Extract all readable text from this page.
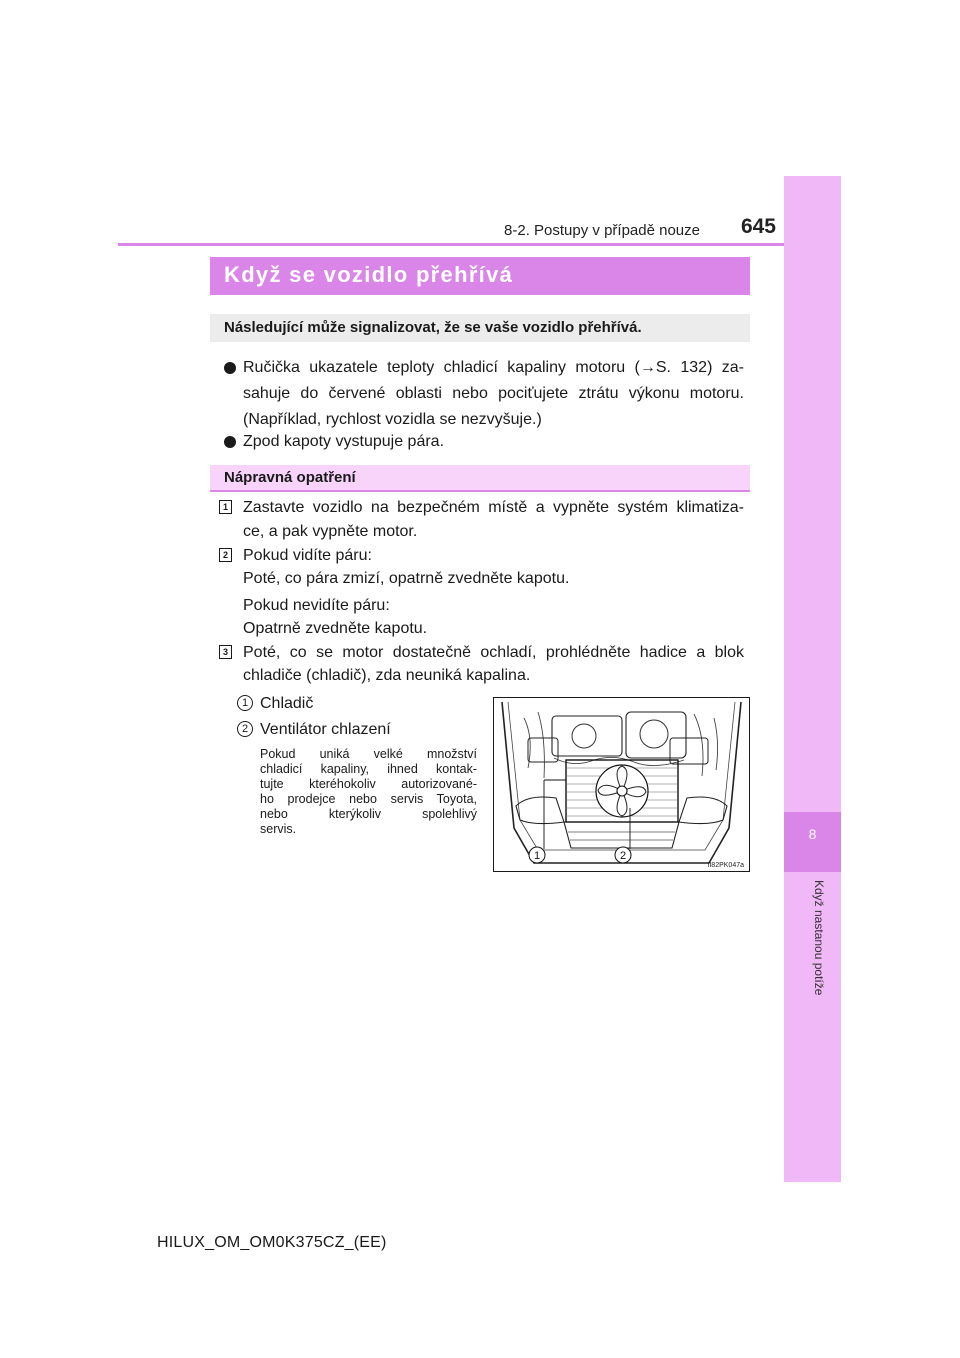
8
Když nastanou potíže
8-2. Postupy v případě nouze	645
Když se vozidlo přehřívá
Následující může signalizovat, že se vaše vozidlo přehřívá.
Ručička ukazatele teploty chladicí kapaliny motoru (→S. 132) za-
sahuje do červené oblasti nebo pociťujete ztrátu výkonu motoru.
(Například, rychlost vozidla se nezvyšuje.)
Zpod kapoty vystupuje pára.
Nápravná opatření
1 Zastavte vozidlo na bezpečném místě a vypněte systém klimatiza-
ce, a pak vypněte motor.
2 Pokud vidíte páru:
Poté, co pára zmizí, opatrně zvedněte kapotu.
Pokud nevidíte páru:
Opatrně zvedněte kapotu.
3 Poté, co se motor dostatečně ochladí, prohlédněte hadice a blok
chladiče (chladič), zda neuniká kapalina.
1 Chladič
2 Ventilátor chlazení
Pokud uniká velké množství
chladicí kapaliny, ihned kontak-
tujte kteréhokoliv autorizované-
ho prodejce nebo servis Toyota,
nebo kterýkoliv spolehlivý
servis.
1	2
II82PK047a
HILUX_OM_OM0K375CZ_(EE)
